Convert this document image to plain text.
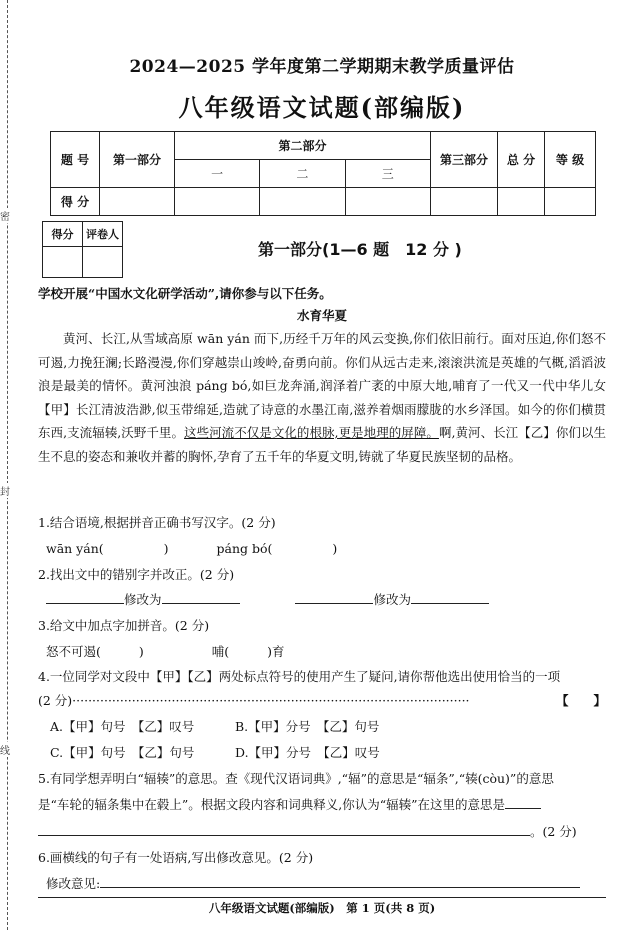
密
封
线
2024—2025 学年度第二学期期末教学质量评估
八年级语文试题(部编版)
题 号	第一部分	第二部分			第三部分	总 分	等 级
		一	二	三			
得 分							
得分	评卷人

第一部分(1—6 题　12 分 )
学校开展“中国水文化研学活动”,请你参与以下任务。
水育华夏
黄河、长江,从雪域高原 wān yán 而下,历经千万年的风云变换,你们依旧前行。面对压迫,你们怒不可遏,力挽狂澜;长路漫漫,你们穿越崇山竣岭,奋勇向前。你们从远古走来,滚滚洪流是英雄的气概,滔滔波浪是最美的情怀。黄河浊浪 páng bó,如巨龙奔涌,润泽着广袤的中原大地,哺育了一代又一代中华儿女【甲】长江清波浩渺,似玉带绵延,造就了诗意的水墨江南,滋养着烟雨朦胧的水乡泽国。如今的你们横贯东西,支流辐辏,沃野千里。这些河流不仅是文化的根脉,更是地理的屏障。啊,黄河、长江【乙】你们以生生不息的姿态和兼收并蓄的胸怀,孕育了五千年的华夏文明,铸就了华夏民族坚韧的品格。
1.结合语境,根据拼音正确书写汉字。(2 分)
wān yán(	)	páng bó(	)
2.找出文中的错别字并改正。(2 分)
修改为	修改为
3.给文中加点字加拼音。(2 分)
怒不可遏(	)	哺(	)育
4.一位同学对文段中【甲】【乙】两处标点符号的使用产生了疑问,请你帮他选出使用恰当的一项
(2 分)····································································································	【　　】
A.【甲】句号　【乙】叹号	B.【甲】分号　【乙】句号
C.【甲】句号　【乙】句号	D.【甲】分号　【乙】叹号
5.有同学想弄明白“辐辏”的意思。查《现代汉语词典》,“辐”的意思是“辐条”,“辏(còu)”的意思
是“车轮的辐条集中在毂上”。根据文段内容和词典释义,你认为“辐辏”在这里的意思是
。(2 分)
6.画横线的句子有一处语病,写出修改意见。(2 分)
修改意见:
八年级语文试题(部编版)　第 1 页(共 8 页)
